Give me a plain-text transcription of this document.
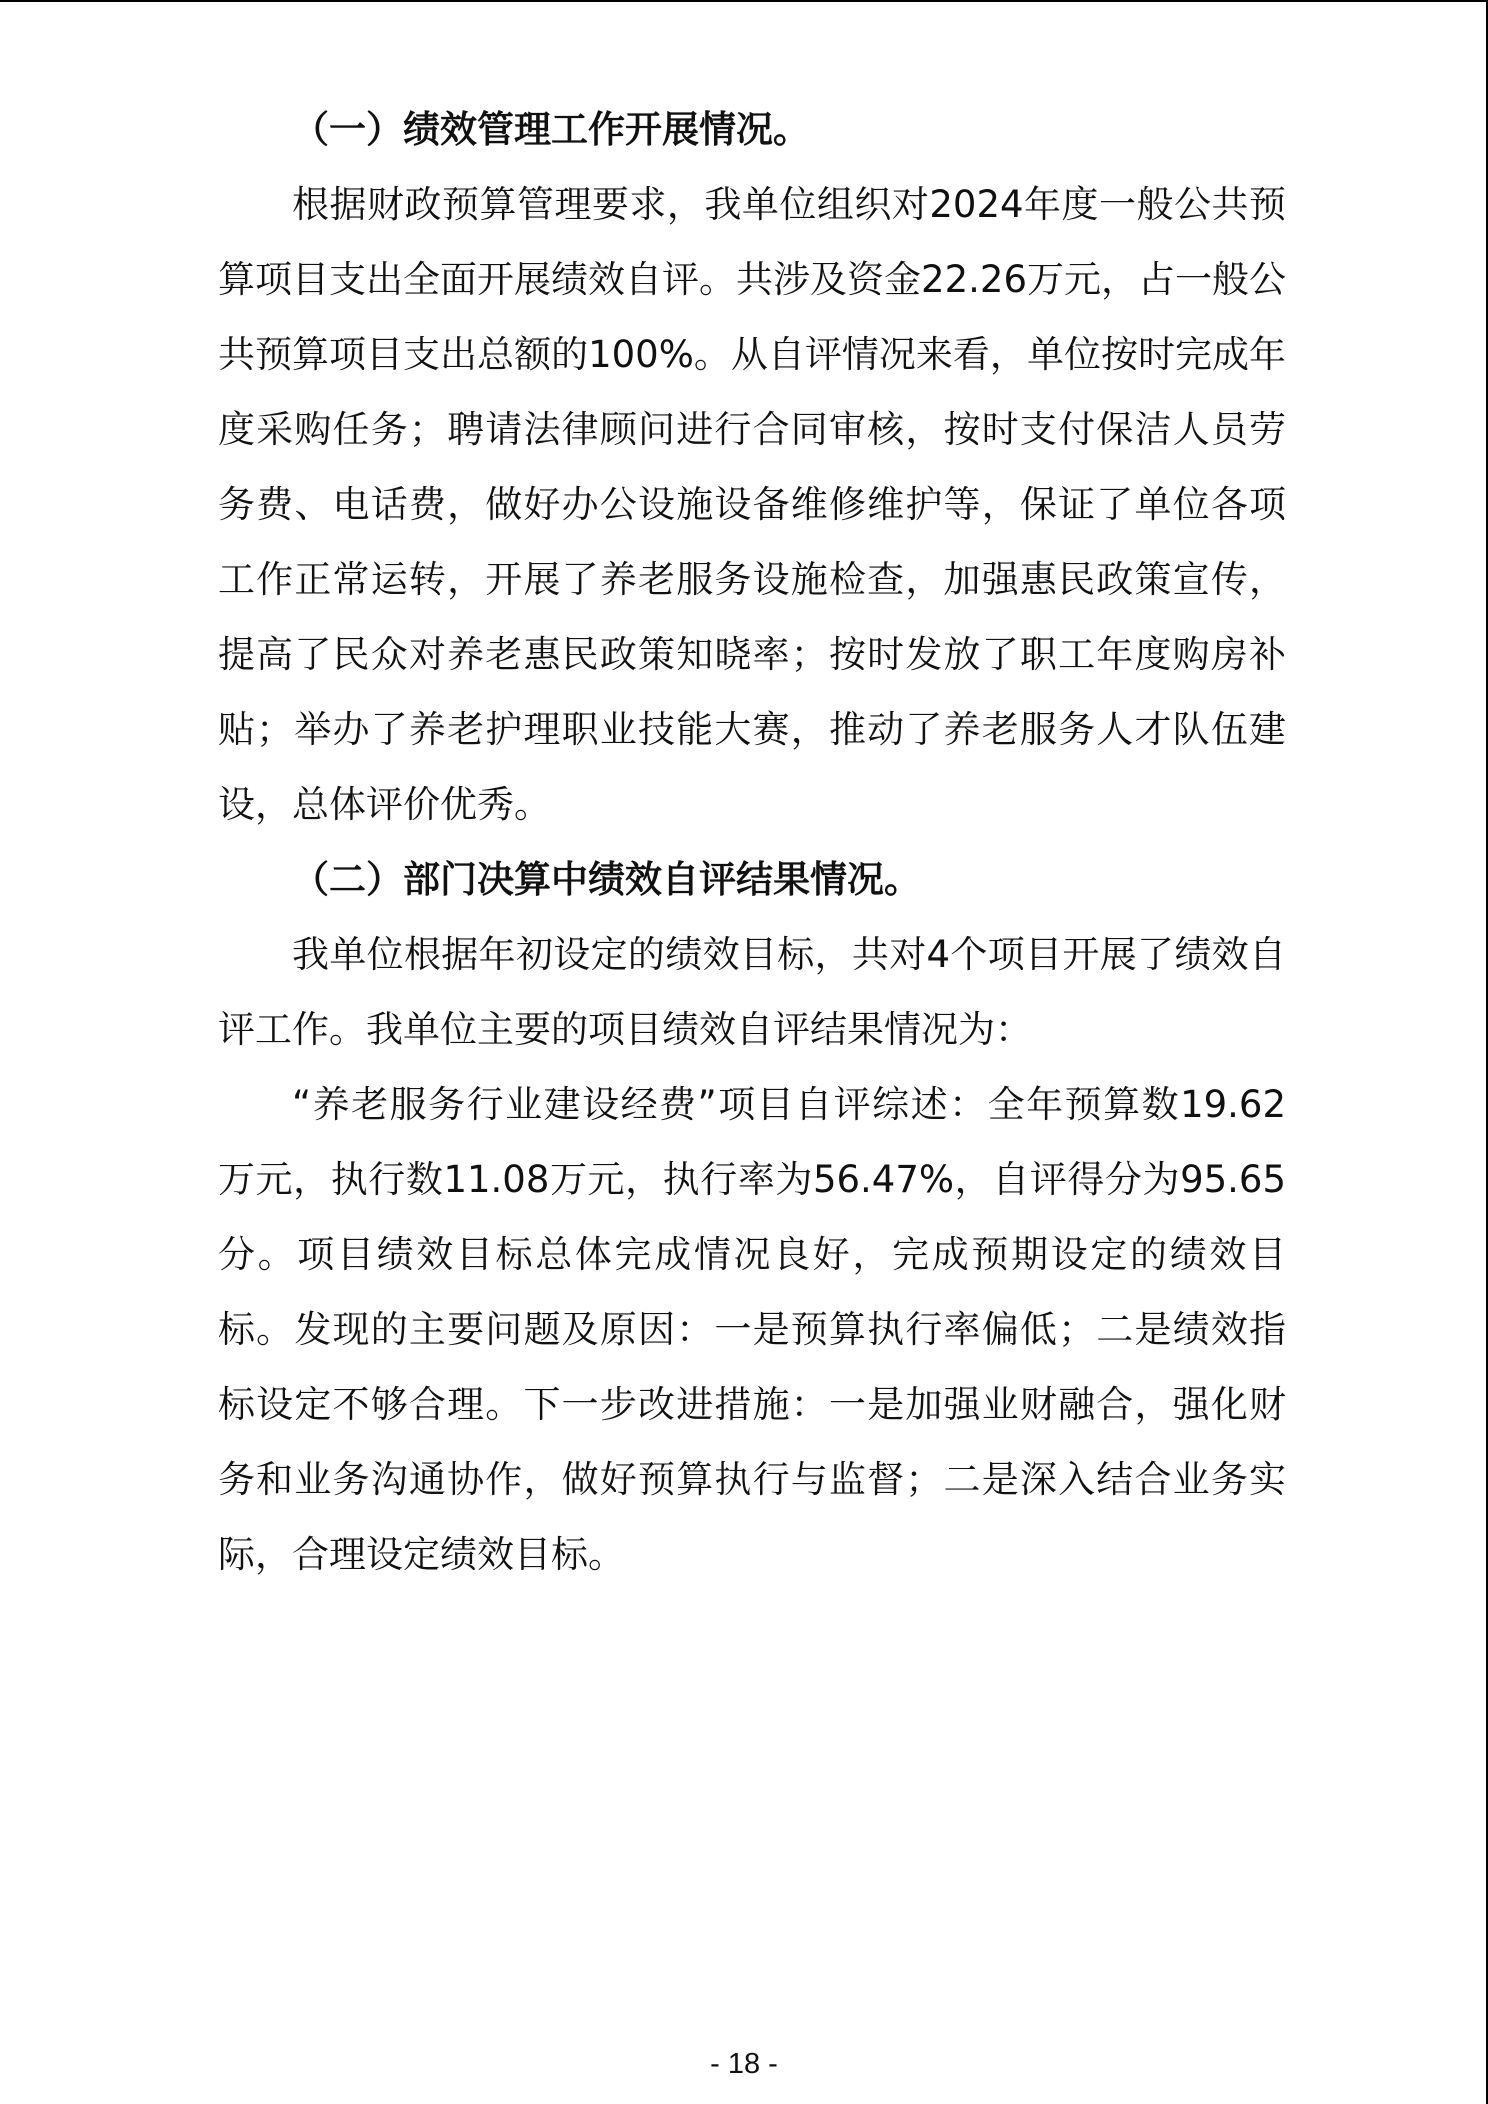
（一）绩效管理工作开展情况。

根据财政预算管理要求，我单位组织对2024年度一般公共预算项目支出全面开展绩效自评。共涉及资金22.26万元，占一般公共预算项目支出总额的100%。从自评情况来看，单位按时完成年度采购任务；聘请法律顾问进行合同审核，按时支付保洁人员劳务费、电话费，做好办公设施设备维修维护等，保证了单位各项工作正常运转，开展了养老服务设施检查，加强惠民政策宣传，提高了民众对养老惠民政策知晓率；按时发放了职工年度购房补贴；举办了养老护理职业技能大赛，推动了养老服务人才队伍建设，总体评价优秀。

（二）部门决算中绩效自评结果情况。

我单位根据年初设定的绩效目标，共对4个项目开展了绩效自评工作。我单位主要的项目绩效自评结果情况为：

“养老服务行业建设经费”项目自评综述：全年预算数19.62万元，执行数11.08万元，执行率为56.47%，自评得分为95.65分。项目绩效目标总体完成情况良好，完成预期设定的绩效目标。发现的主要问题及原因：一是预算执行率偏低；二是绩效指标设定不够合理。下一步改进措施：一是加强业财融合，强化财务和业务沟通协作，做好预算执行与监督；二是深入结合业务实际，合理设定绩效目标。

- 18 -
